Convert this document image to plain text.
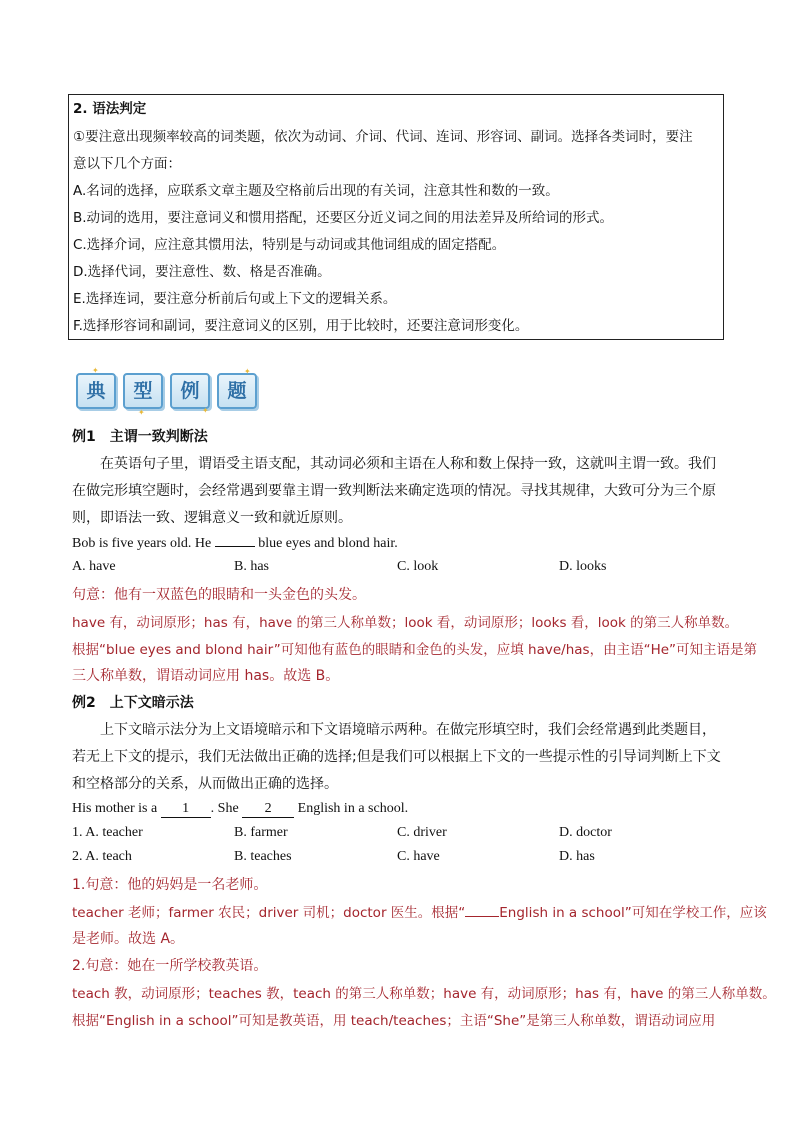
2. 语法判定
①要注意出现频率较高的词类题，依次为动词、介词、代词、连词、形容词、副词。选择各类词时，要注
意以下几个方面：
A.名词的选择，应联系文章主题及空格前后出现的有关词，注意其性和数的一致。
B.动词的选用，要注意词义和惯用搭配，还要区分近义词之间的用法差异及所给词的形式。
C.选择介词，应注意其惯用法，特别是与动词或其他词组成的固定搭配。
D.选择代词，要注意性、数、格是否准确。
E.选择连词，要注意分析前后句或上下文的逻辑关系。
F.选择形容词和副词，要注意词义的区别，用于比较时，还要注意词形变化。
典	型	例	题
✦
✦	✦
✦
例1　主谓一致判断法
在英语句子里，谓语受主语支配，其动词必须和主语在人称和数上保持一致，这就叫主谓一致。我们
在做完形填空题时，会经常遇到要靠主谓一致判断法来确定选项的情况。寻找其规律，大致可分为三个原
则，即语法一致、逻辑意义一致和就近原则。
Bob is five years old. He	blue eyes and blond hair.
A. have	B. has	C. look	D. looks
句意：他有一双蓝色的眼睛和一头金色的头发。
have 有，动词原形；has 有，have 的第三人称单数；look 看，动词原形；looks 看，look 的第三人称单数。
根据“blue eyes and blond hair”可知他有蓝色的眼睛和金色的头发，应填 have/has，由主语“He”可知主语是第
三人称单数，谓语动词应用 has。故选 B。
例2　上下文暗示法
上下文暗示法分为上文语境暗示和下文语境暗示两种。在做完形填空时，我们会经常遇到此类题目，
若无上下文的提示，我们无法做出正确的选择;但是我们可以根据上下文的一些提示性的引导词判断上下文
和空格部分的关系，从而做出正确的选择。
His mother is a 1 . She 2 English in a school.
1. A. teacher	B. farmer	C. driver	D. doctor
2. A. teach	B. teaches	C. have	D. has
1.句意：他的妈妈是一名老师。
teacher 老师；farmer 农民；driver 司机；doctor 医生。根据“	English in a school”可知在学校工作，应该
是老师。故选 A。
2.句意：她在一所学校教英语。
teach 教，动词原形；teaches 教，teach 的第三人称单数；have 有，动词原形；has 有，have 的第三人称单数。
根据“English in a school”可知是教英语，用 teach/teaches；主语“She”是第三人称单数，谓语动词应用
